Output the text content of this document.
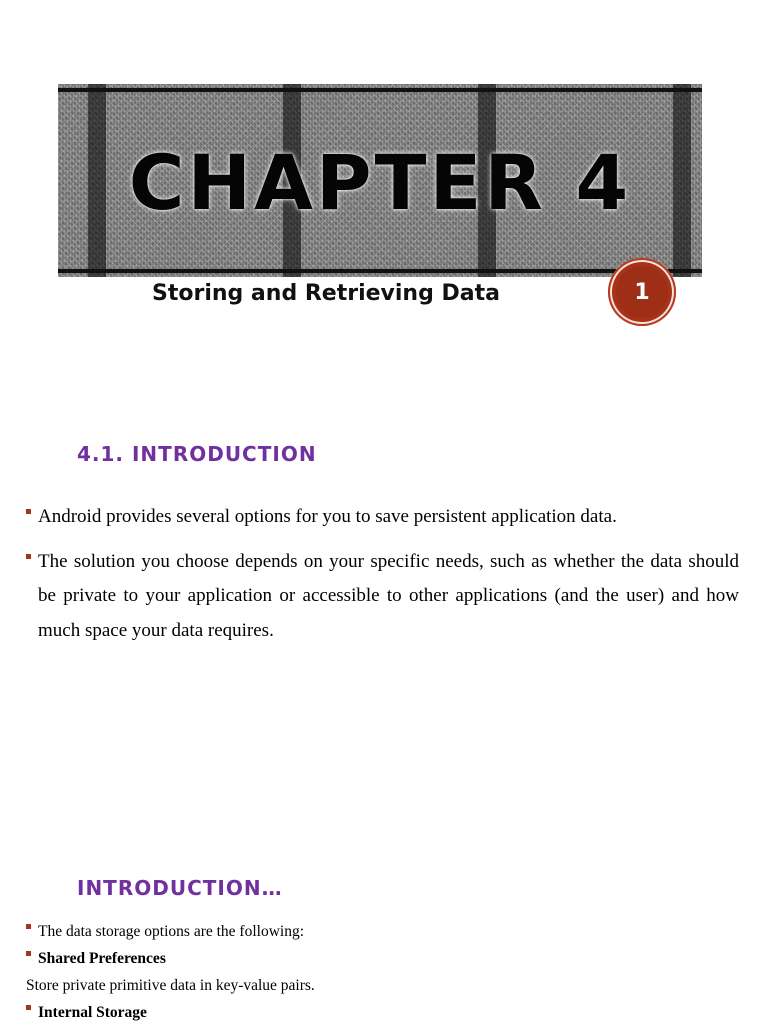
CHAPTER 4
Storing and Retrieving Data	1
4.1. INTRODUCTION
Android provides several options for you to save persistent application data.
The solution you choose depends on your specific needs, such as whether the data should be private to your application or accessible to other applications (and the user) and how much space your data requires.
INTRODUCTION…
The data storage options are the following:
Shared Preferences
Store private primitive data in key-value pairs.
Internal Storage
